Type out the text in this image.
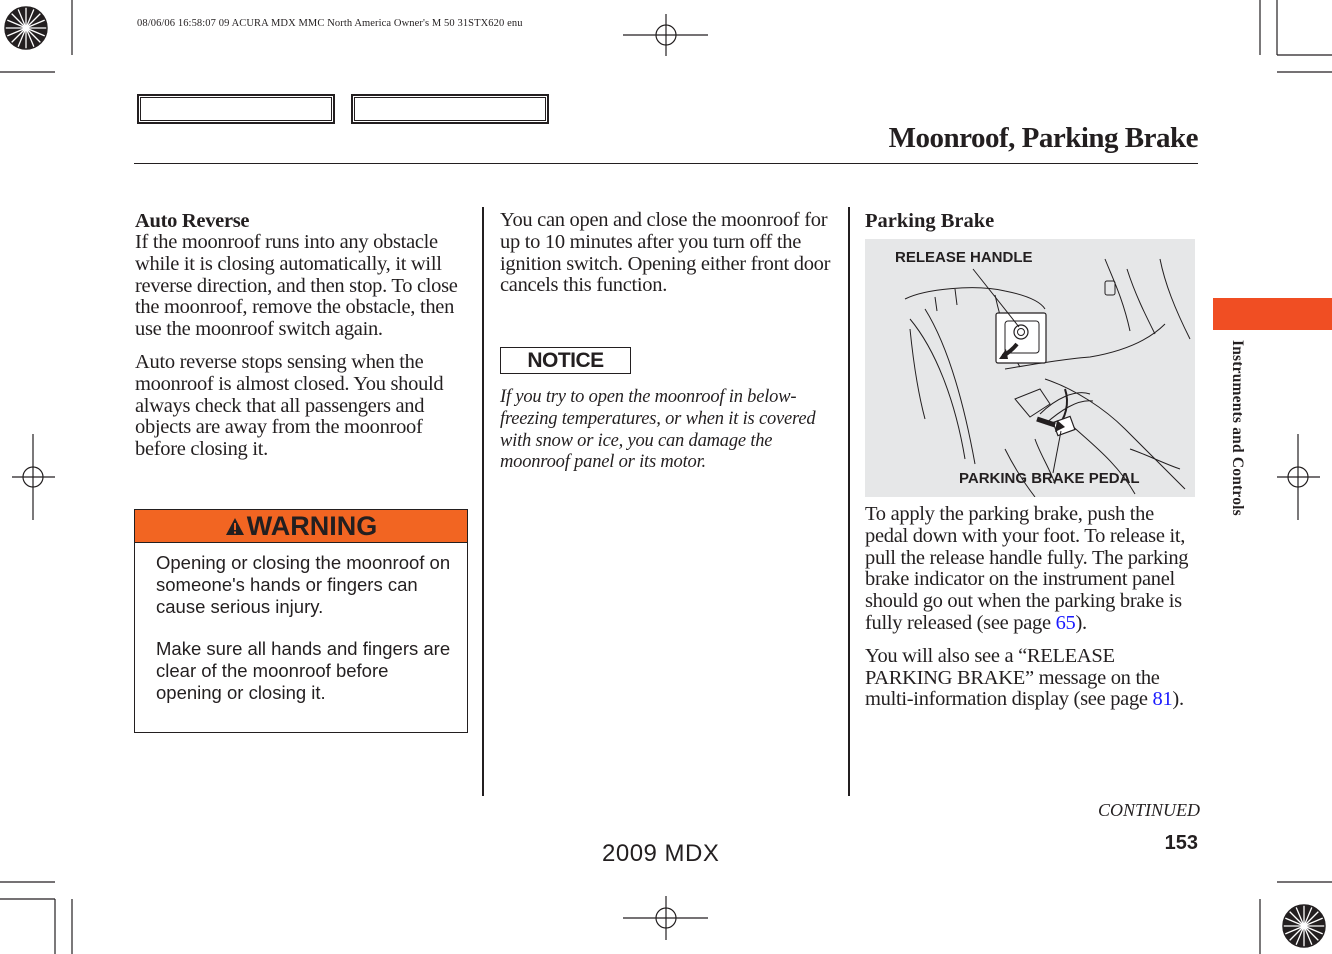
08/06/06 16:58:07 09 ACURA MDX MMC North America Owner's M 50 31STX620 enu
Moonroof, Parking Brake
Auto Reverse

If the moonroof runs into any obstacle while it is closing automatically, it will reverse direction, and then stop. To close the moonroof, remove the obstacle, then use the moonroof switch again.

Auto reverse stops sensing when the moonroof is almost closed. You should always check that all passengers and objects are away from the moonroof before closing it.

WARNING

Opening or closing the moonroof on someone's hands or fingers can cause serious injury.

Make sure all hands and fingers are clear of the moonroof before opening or closing it.

You can open and close the moonroof for up to 10 minutes after you turn off the ignition switch. Opening either front door cancels this function.

NOTICE
If you try to open the moonroof in below-freezing temperatures, or when it is covered with snow or ice, you can damage the moonroof panel or its motor.
Parking Brake
RELEASE HANDLE
PARKING BRAKE PEDAL

To apply the parking brake, push the pedal down with your foot. To release it, pull the release handle fully. The parking brake indicator on the instrument panel should go out when the parking brake is fully released (see page 65).

You will also see a “RELEASE PARKING BRAKE” message on the multi-information display (see page 81).

Instruments and Controls
CONTINUED
153
2009 MDX
